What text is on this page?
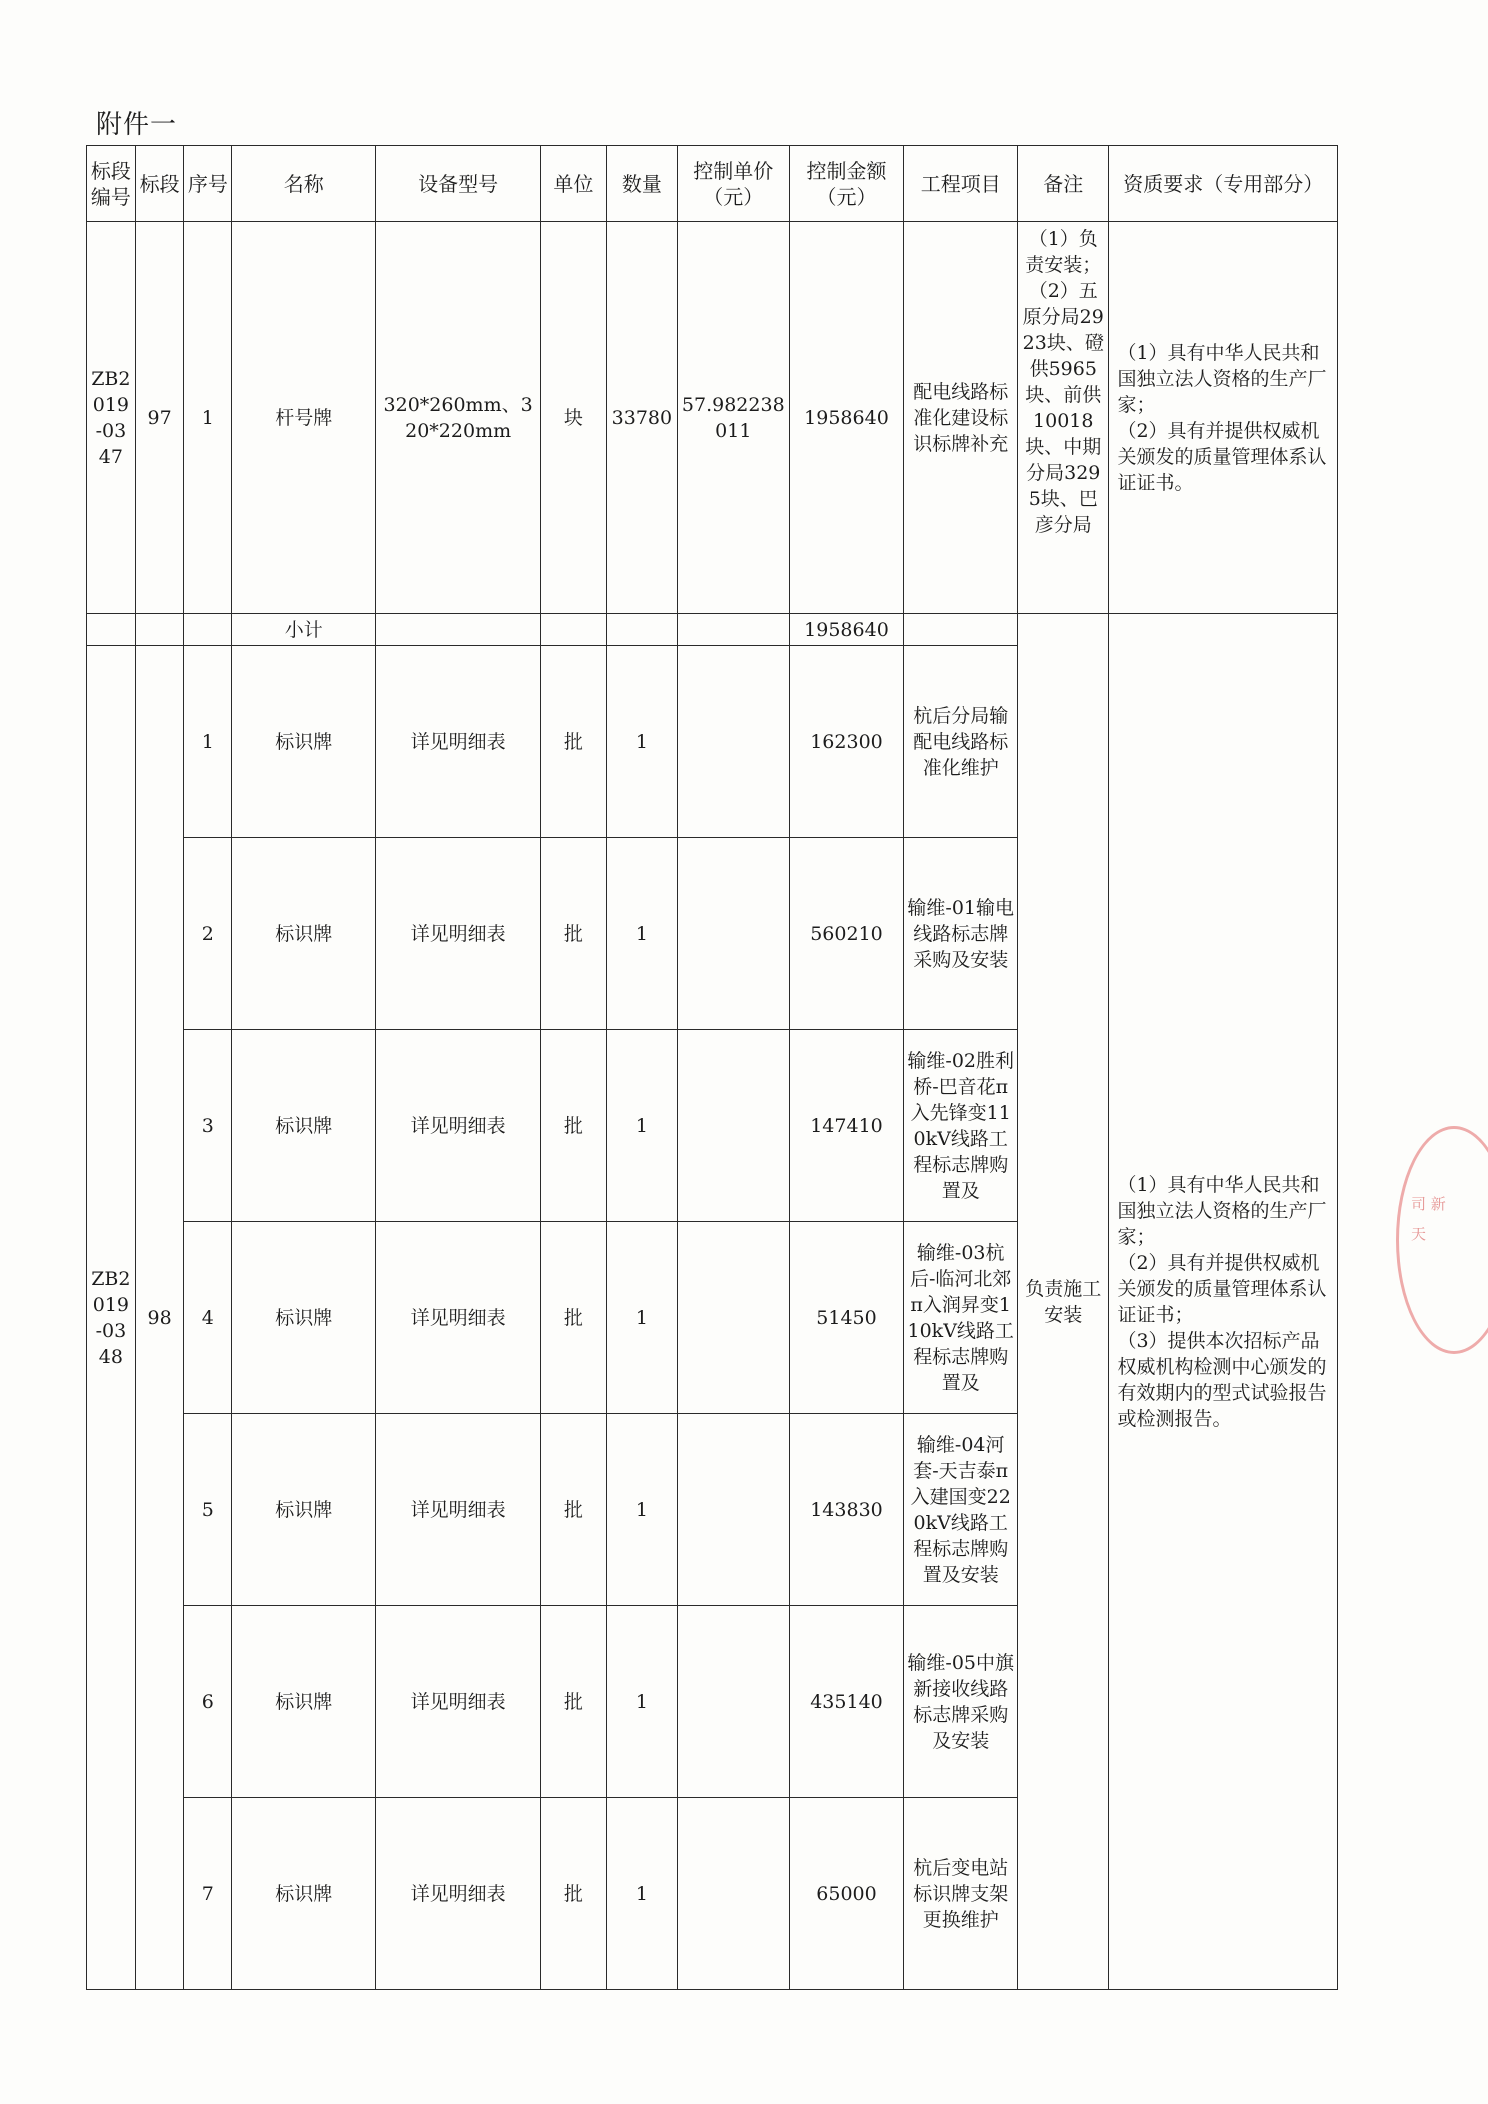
附件一
标段编号	标段	序号	名称	设备型号	单位	数量	控制单价（元）	控制金额（元）	工程项目	备注	资质要求（专用部分）
ZB2019-0347	97	1	杆号牌	320*260mm、320*220mm	块	33780	57.982238011	1958640	配电线路标准化建设标识标牌补充	（1）负责安装；
（2）五原分局2923块、磴供5965块、前供10018块、中期分局3295块、巴彦分局	（1）具有中华人民共和国独立法人资格的生产厂家；
（2）具有并提供权威机关颁发的质量管理体系认证证书。
			小计					1958640		负责施工安装	（1）具有中华人民共和国独立法人资格的生产厂家；
（2）具有并提供权威机关颁发的质量管理体系认证证书；
（3）提供本次招标产品权威机构检测中心颁发的有效期内的型式试验报告或检测报告。
ZB2019-0348	98	1	标识牌	详见明细表	批	1		162300	杭后分局输配电线路标准化维护		
		2	标识牌	详见明细表	批	1		560210	输维-01输电线路标志牌采购及安装		
		3	标识牌	详见明细表	批	1		147410	输维-02胜利桥-巴音花π入先锋变110kV线路工程标志牌购置及		
		4	标识牌	详见明细表	批	1		51450	输维-03杭后-临河北郊π入润昇变110kV线路工程标志牌购置及		
		5	标识牌	详见明细表	批	1		143830	输维-04河套-天吉泰π入建国变220kV线路工程标志牌购置及安装		
		6	标识牌	详见明细表	批	1		435140	输维-05中旗新接收线路标志牌采购及安装		
		7	标识牌	详见明细表	批	1		65000	杭后变电站标识牌支架更换维护		
司 新 天
